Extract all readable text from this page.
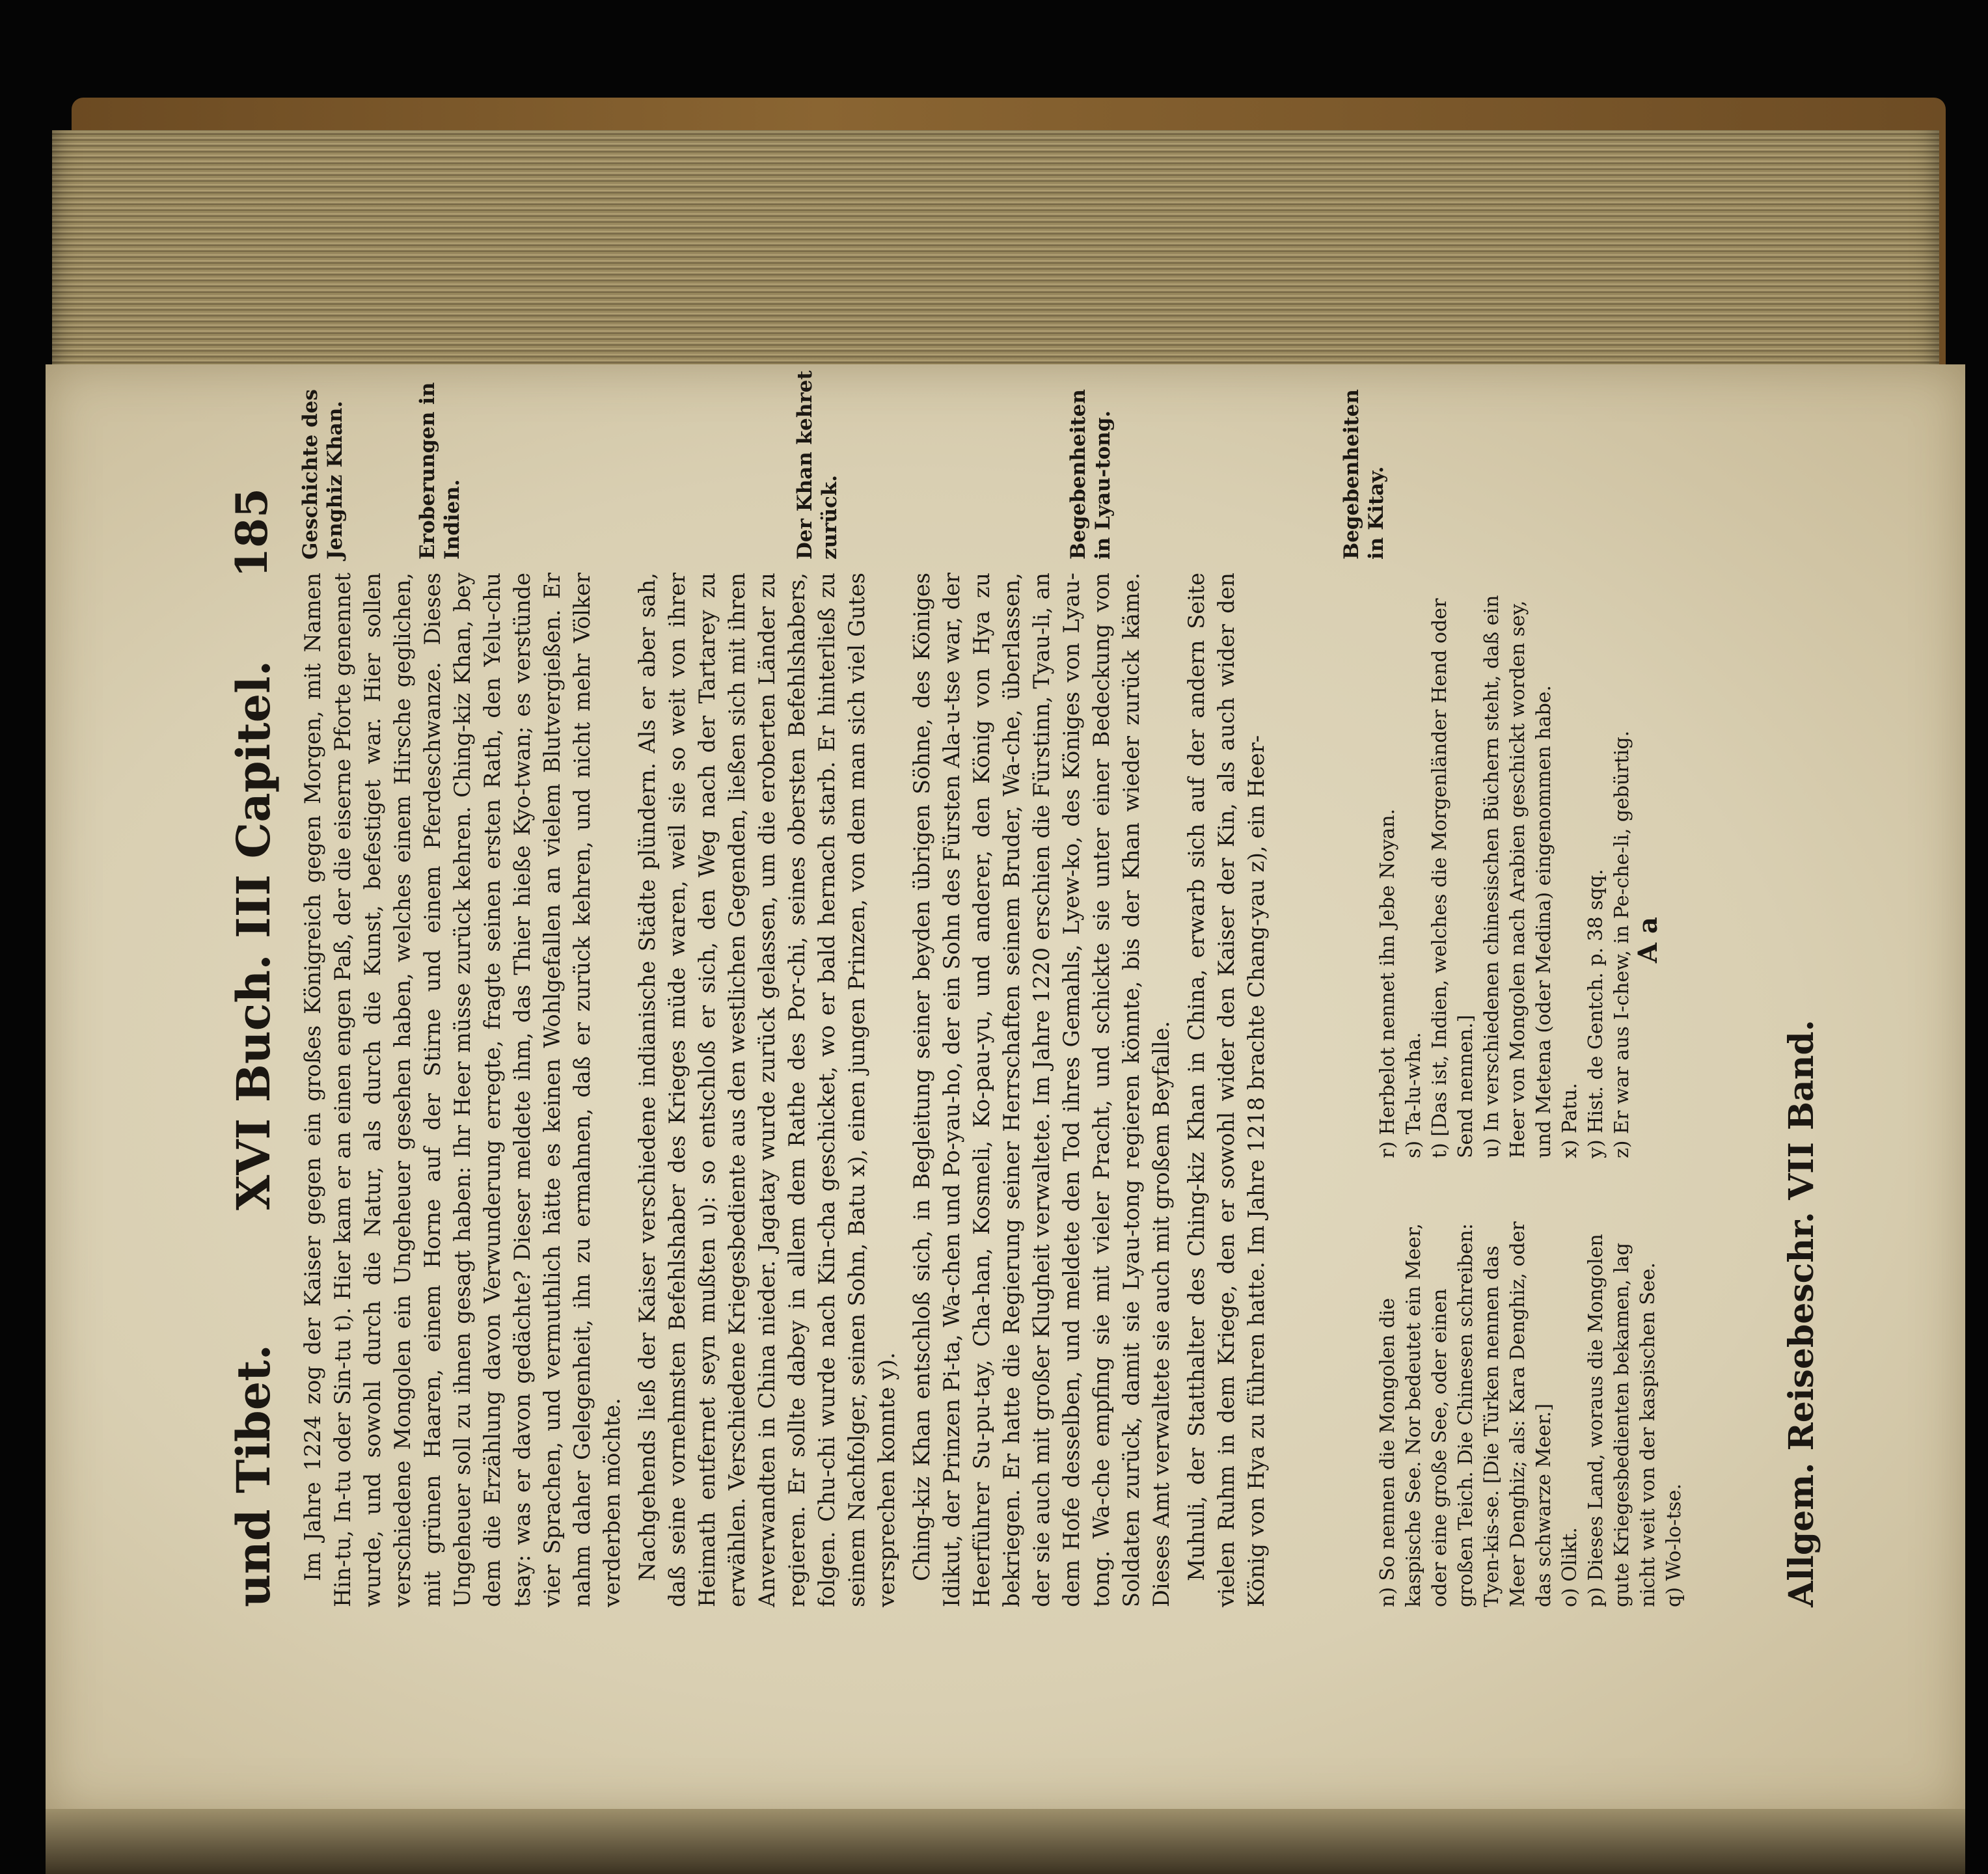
und Tibet.
XVI Buch. III Capitel.
185

Im Jahre 1224 zog der Kaiser gegen ein großes Königreich gegen Morgen, mit Namen Hin-tu, In-tu oder Sin-tu t). Hier kam er an einen engen Paß, der die eiserne Pforte genennet wurde, und sowohl durch die Natur, als durch die Kunst, befestiget war. Hier sollen verschiedene Mongolen ein Ungeheuer gesehen haben, welches einem Hirsche geglichen, mit grünen Haaren, einem Horne auf der Stirne und einem Pferdeschwanze. Dieses Ungeheuer soll zu ihnen gesagt haben: Ihr Heer müsse zurück kehren. Ching-kiz Khan, bey dem die Erzählung davon Verwunderung erregte, fragte seinen ersten Rath, den Yelu-chu tsay: was er davon gedächte? Dieser meldete ihm, das Thier hieße Kyo-twan; es verstünde vier Sprachen, und vermuthlich hätte es keinen Wohlgefallen an vielem Blutvergießen. Er nahm daher Gelegenheit, ihn zu ermahnen, daß er zurück kehren, und nicht mehr Völker verderben möchte. Nachgehends ließ der Kaiser verschiedene indianische Städte plündern. Als er aber sah, daß seine vornehmsten Befehlshaber des Krieges müde waren, weil sie so weit von ihrer Heimath entfernet seyn mußten u): so entschloß er sich, den Weg nach der Tartarey zu erwählen. Verschiedene Kriegesbediente aus den westlichen Gegenden, ließen sich mit ihren Anverwandten in China nieder. Jagatay wurde zurück gelassen, um die eroberten Länder zu regieren. Er sollte dabey in allem dem Rathe des Por-chi, seines obersten Befehlshabers, folgen. Chu-chi wurde nach Kin-cha geschicket, wo er bald hernach starb. Er hinterließ zu seinem Nachfolger, seinen Sohn, Batu x), einen jungen Prinzen, von dem man sich viel Gutes versprechen konnte y). Ching-kiz Khan entschloß sich, in Begleitung seiner beyden übrigen Söhne, des Königes Idikut, der Prinzen Pi-ta, Wa-chen und Po-yau-ho, der ein Sohn des Fürsten Ala-u-tse war, der Heerführer Su-pu-tay, Cha-han, Kosmeli, Ko-pau-yu, und anderer, den König von Hya zu bekriegen. Er hatte die Regierung seiner Herrschaften seinem Bruder, Wa-che, überlassen, der sie auch mit großer Klugheit verwaltete. Im Jahre 1220 erschien die Fürstinn, Tyau-li, an dem Hofe desselben, und meldete den Tod ihres Gemahls, Lyew-ko, des Königes von Lyau-tong. Wa-che empfing sie mit vieler Pracht, und schickte sie unter einer Bedeckung von Soldaten zurück, damit sie Lyau-tong regieren könnte, bis der Khan wieder zurück käme. Dieses Amt verwaltete sie auch mit großem Beyfalle. Muhuli, der Statthalter des Ching-kiz Khan in China, erwarb sich auf der andern Seite vielen Ruhm in dem Kriege, den er sowohl wider den Kaiser der Kin, als auch wider den König von Hya zu führen hatte. Im Jahre 1218 brachte Chang-yau z), ein Heer-

Geschichte des Jenghiz Khan.	Eroberungen in Indien.	Der Khan kehret zurück.	Begebenheiten in Lyau-tong.	Begebenheiten in Kitay.
n) So nennen die Mongolen die kaspische See. Nor bedeutet ein Meer, oder eine große See, oder einen großen Teich. Die Chinesen schreiben: Tyen-kis-se. [Die Türken nennen das Meer Denghiz; als: Kara Denghiz, oder das schwarze Meer.] o) Olikt. p) Dieses Land, woraus die Mongolen gute Kriegesbedienten bekamen, lag nicht weit von der kaspischen See. q) Wo-lo-tse.
r) Herbelot nennet ihn Jebe Noyan. s) Ta-lu-wha. t) [Das ist, Indien, welches die Morgenländer Hend oder Send nennen.] u) In verschiedenen chinesischen Büchern steht, daß ein Heer von Mongolen nach Arabien geschickt worden sey, und Metena (oder Medina) eingenommen habe. x) Patu. y) Hist. de Gentch. p. 38 sqq. z) Er war aus I-chew, in Pe-che-li, gebürtig. A a
Allgem. Reisebeschr. VII Band.
